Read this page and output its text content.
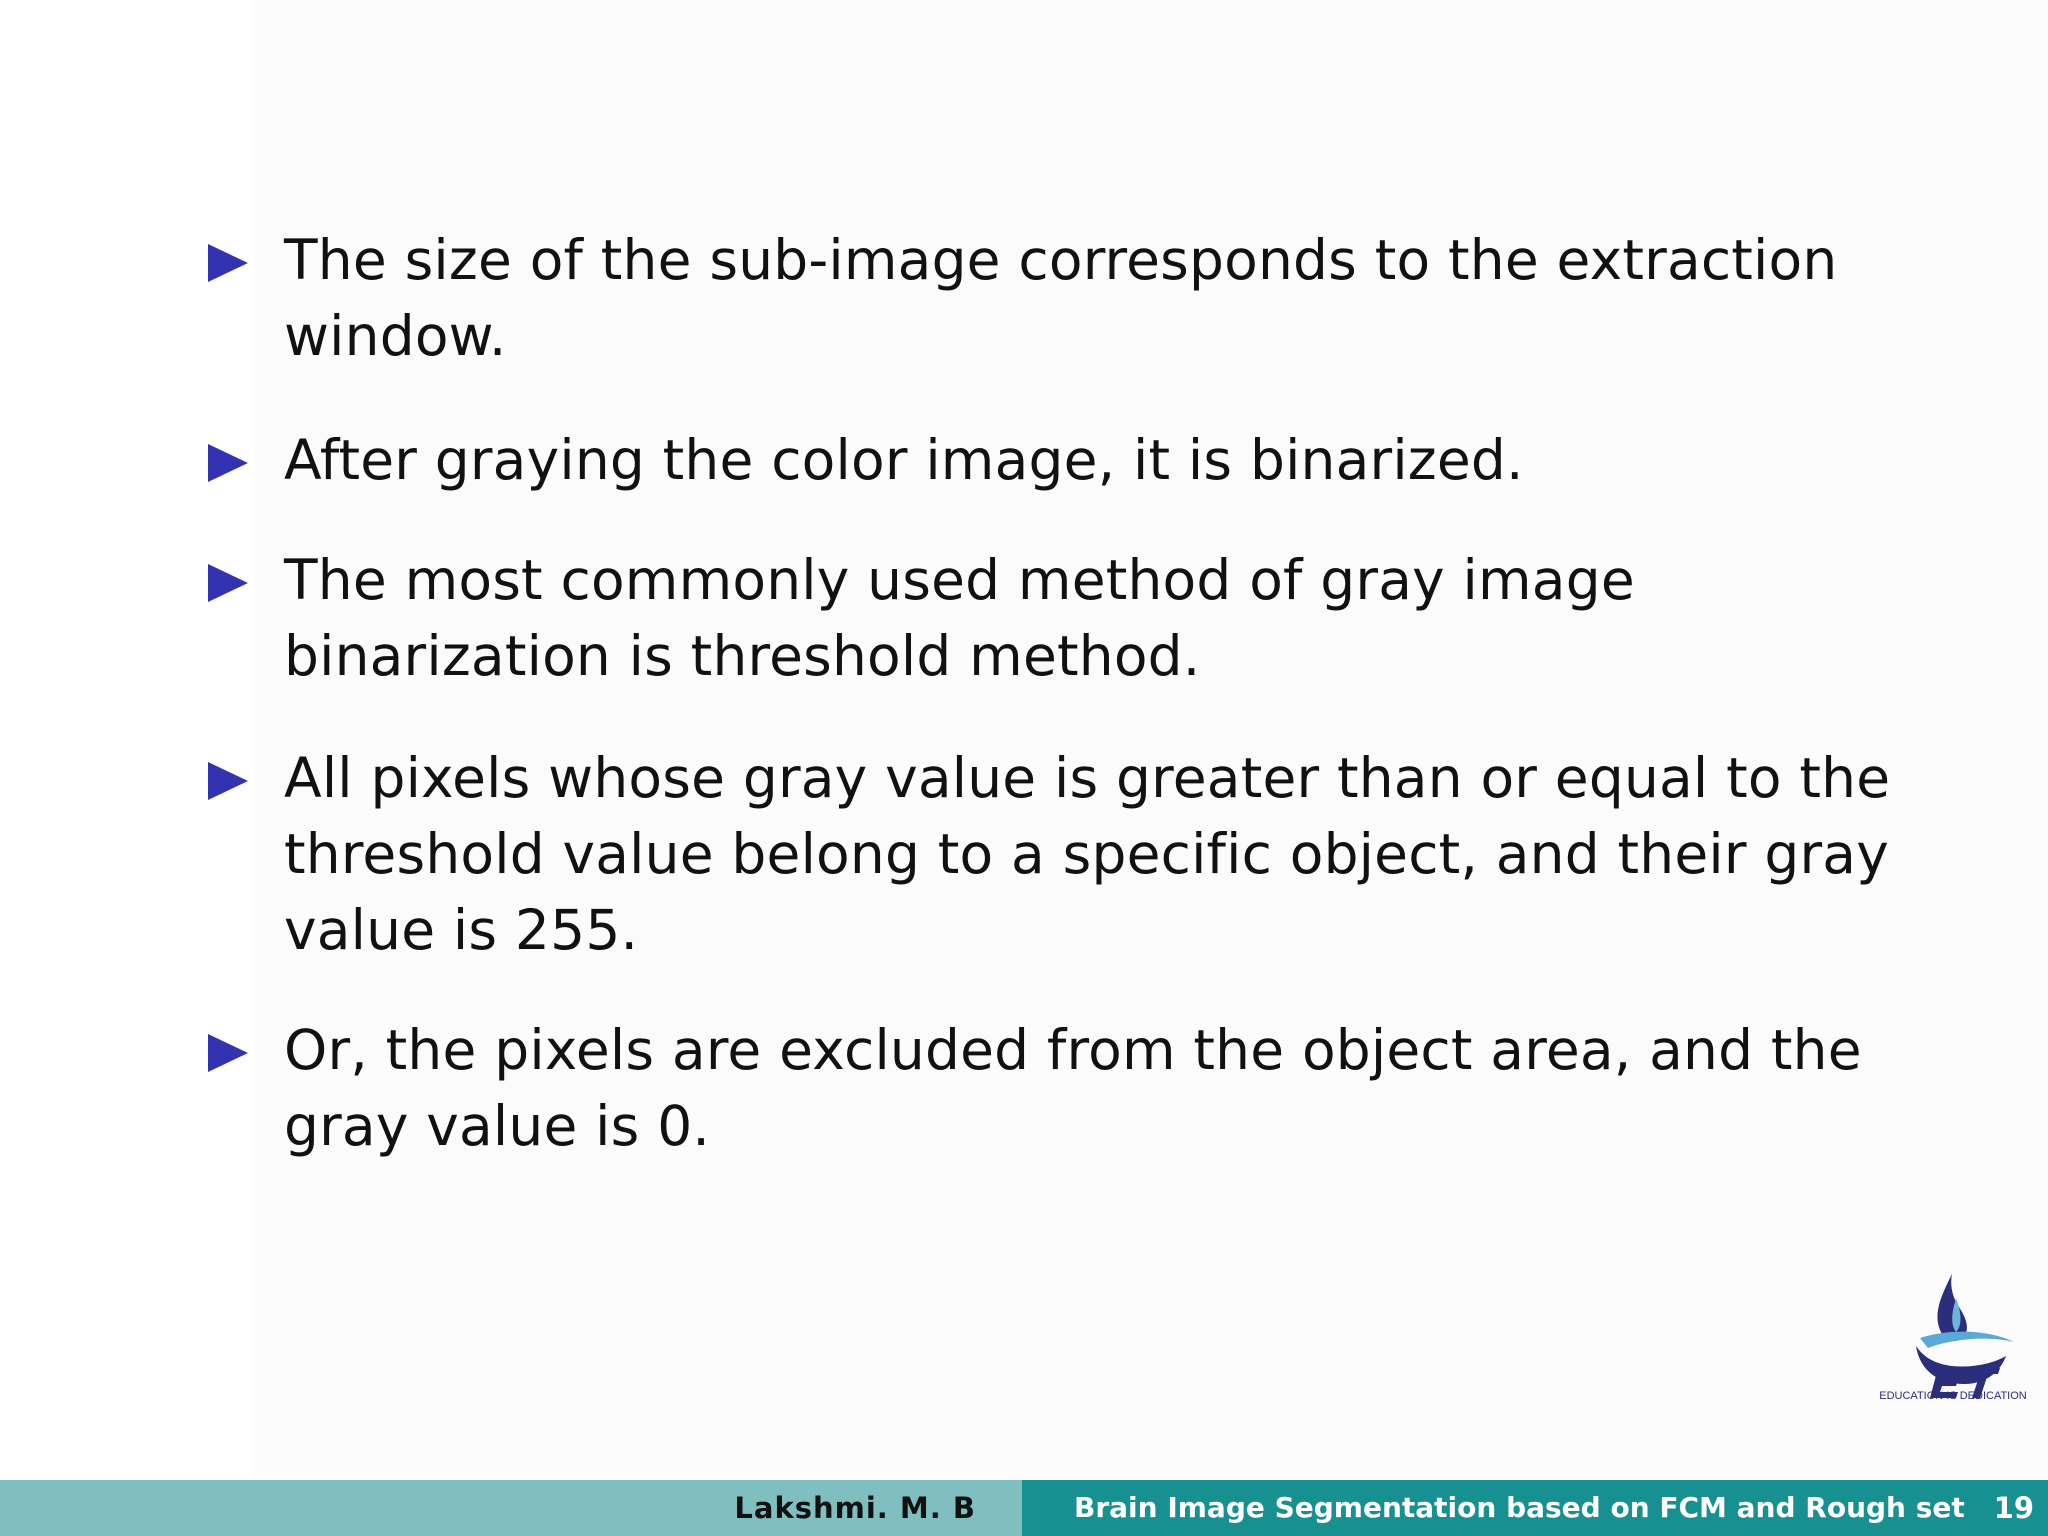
The size of the sub-image corresponds to the extraction window.
After graying the color image, it is binarized.
The most commonly used method of gray image binarization is threshold method.
All pixels whose gray value is greater than or equal to the threshold value belong to a specific object, and their gray value is 255.
Or, the pixels are excluded from the object area, and the gray value is 0.
EDUCATION IS DEDICATION
Lakshmi. M. B	Brain Image Segmentation based on FCM and Rough set 19
